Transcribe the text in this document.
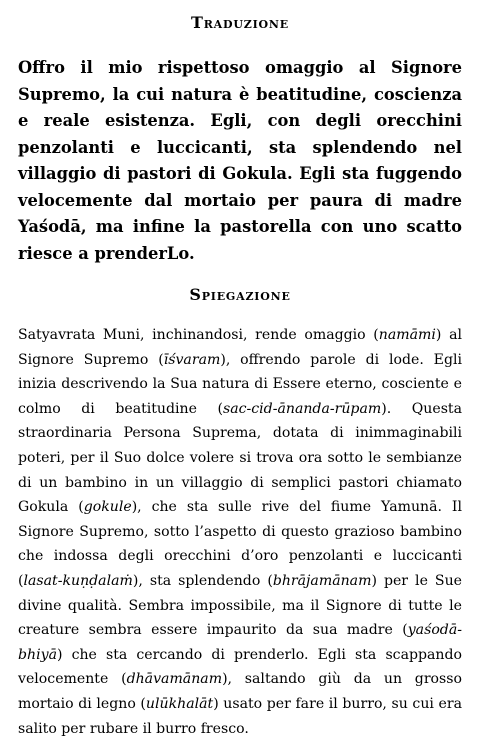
Traduzione

Offro il mio rispettoso omaggio al Signore Supremo, la cui natura è beatitudine, coscienza e reale esistenza. Egli, con degli orecchini penzolanti e luccicanti, sta splendendo nel villaggio di pastori di Gokula. Egli sta fuggendo velocemente dal mortaio per paura di madre Yaśodā, ma infine la pastorella con uno scatto riesce a prenderLo.

Spiegazione

Satyavrata Muni, inchinandosi, rende omaggio (namāmi) al Signore Supremo (īśvaram), offrendo parole di lode. Egli inizia descrivendo la Sua natura di Essere eterno, cosciente e colmo di beatitudine (sac-cid-ānanda-rūpam). Questa straordinaria Persona Suprema, dotata di inimmaginabili poteri, per il Suo dolce volere si trova ora sotto le sembianze di un bambino in un villaggio di semplici pastori chiamato Gokula (gokule), che sta sulle rive del fiume Yamunā. Il Signore Supremo, sotto l’aspetto di questo grazioso bambino che indossa degli orecchini d’oro penzolanti e luccicanti (lasat-kuṇḍalaṁ), sta splendendo (bhrājamānam) per le Sue divine qualità. Sembra impossibile, ma il Signore di tutte le creature sembra essere impaurito da sua madre (yaśodā-bhiyā) che sta cercando di prenderlo. Egli sta scappando velocemente (dhāvamānam), saltando giù da un grosso mortaio di legno (ulūkhalāt) usato per fare il burro, su cui era salito per rubare il burro fresco.
